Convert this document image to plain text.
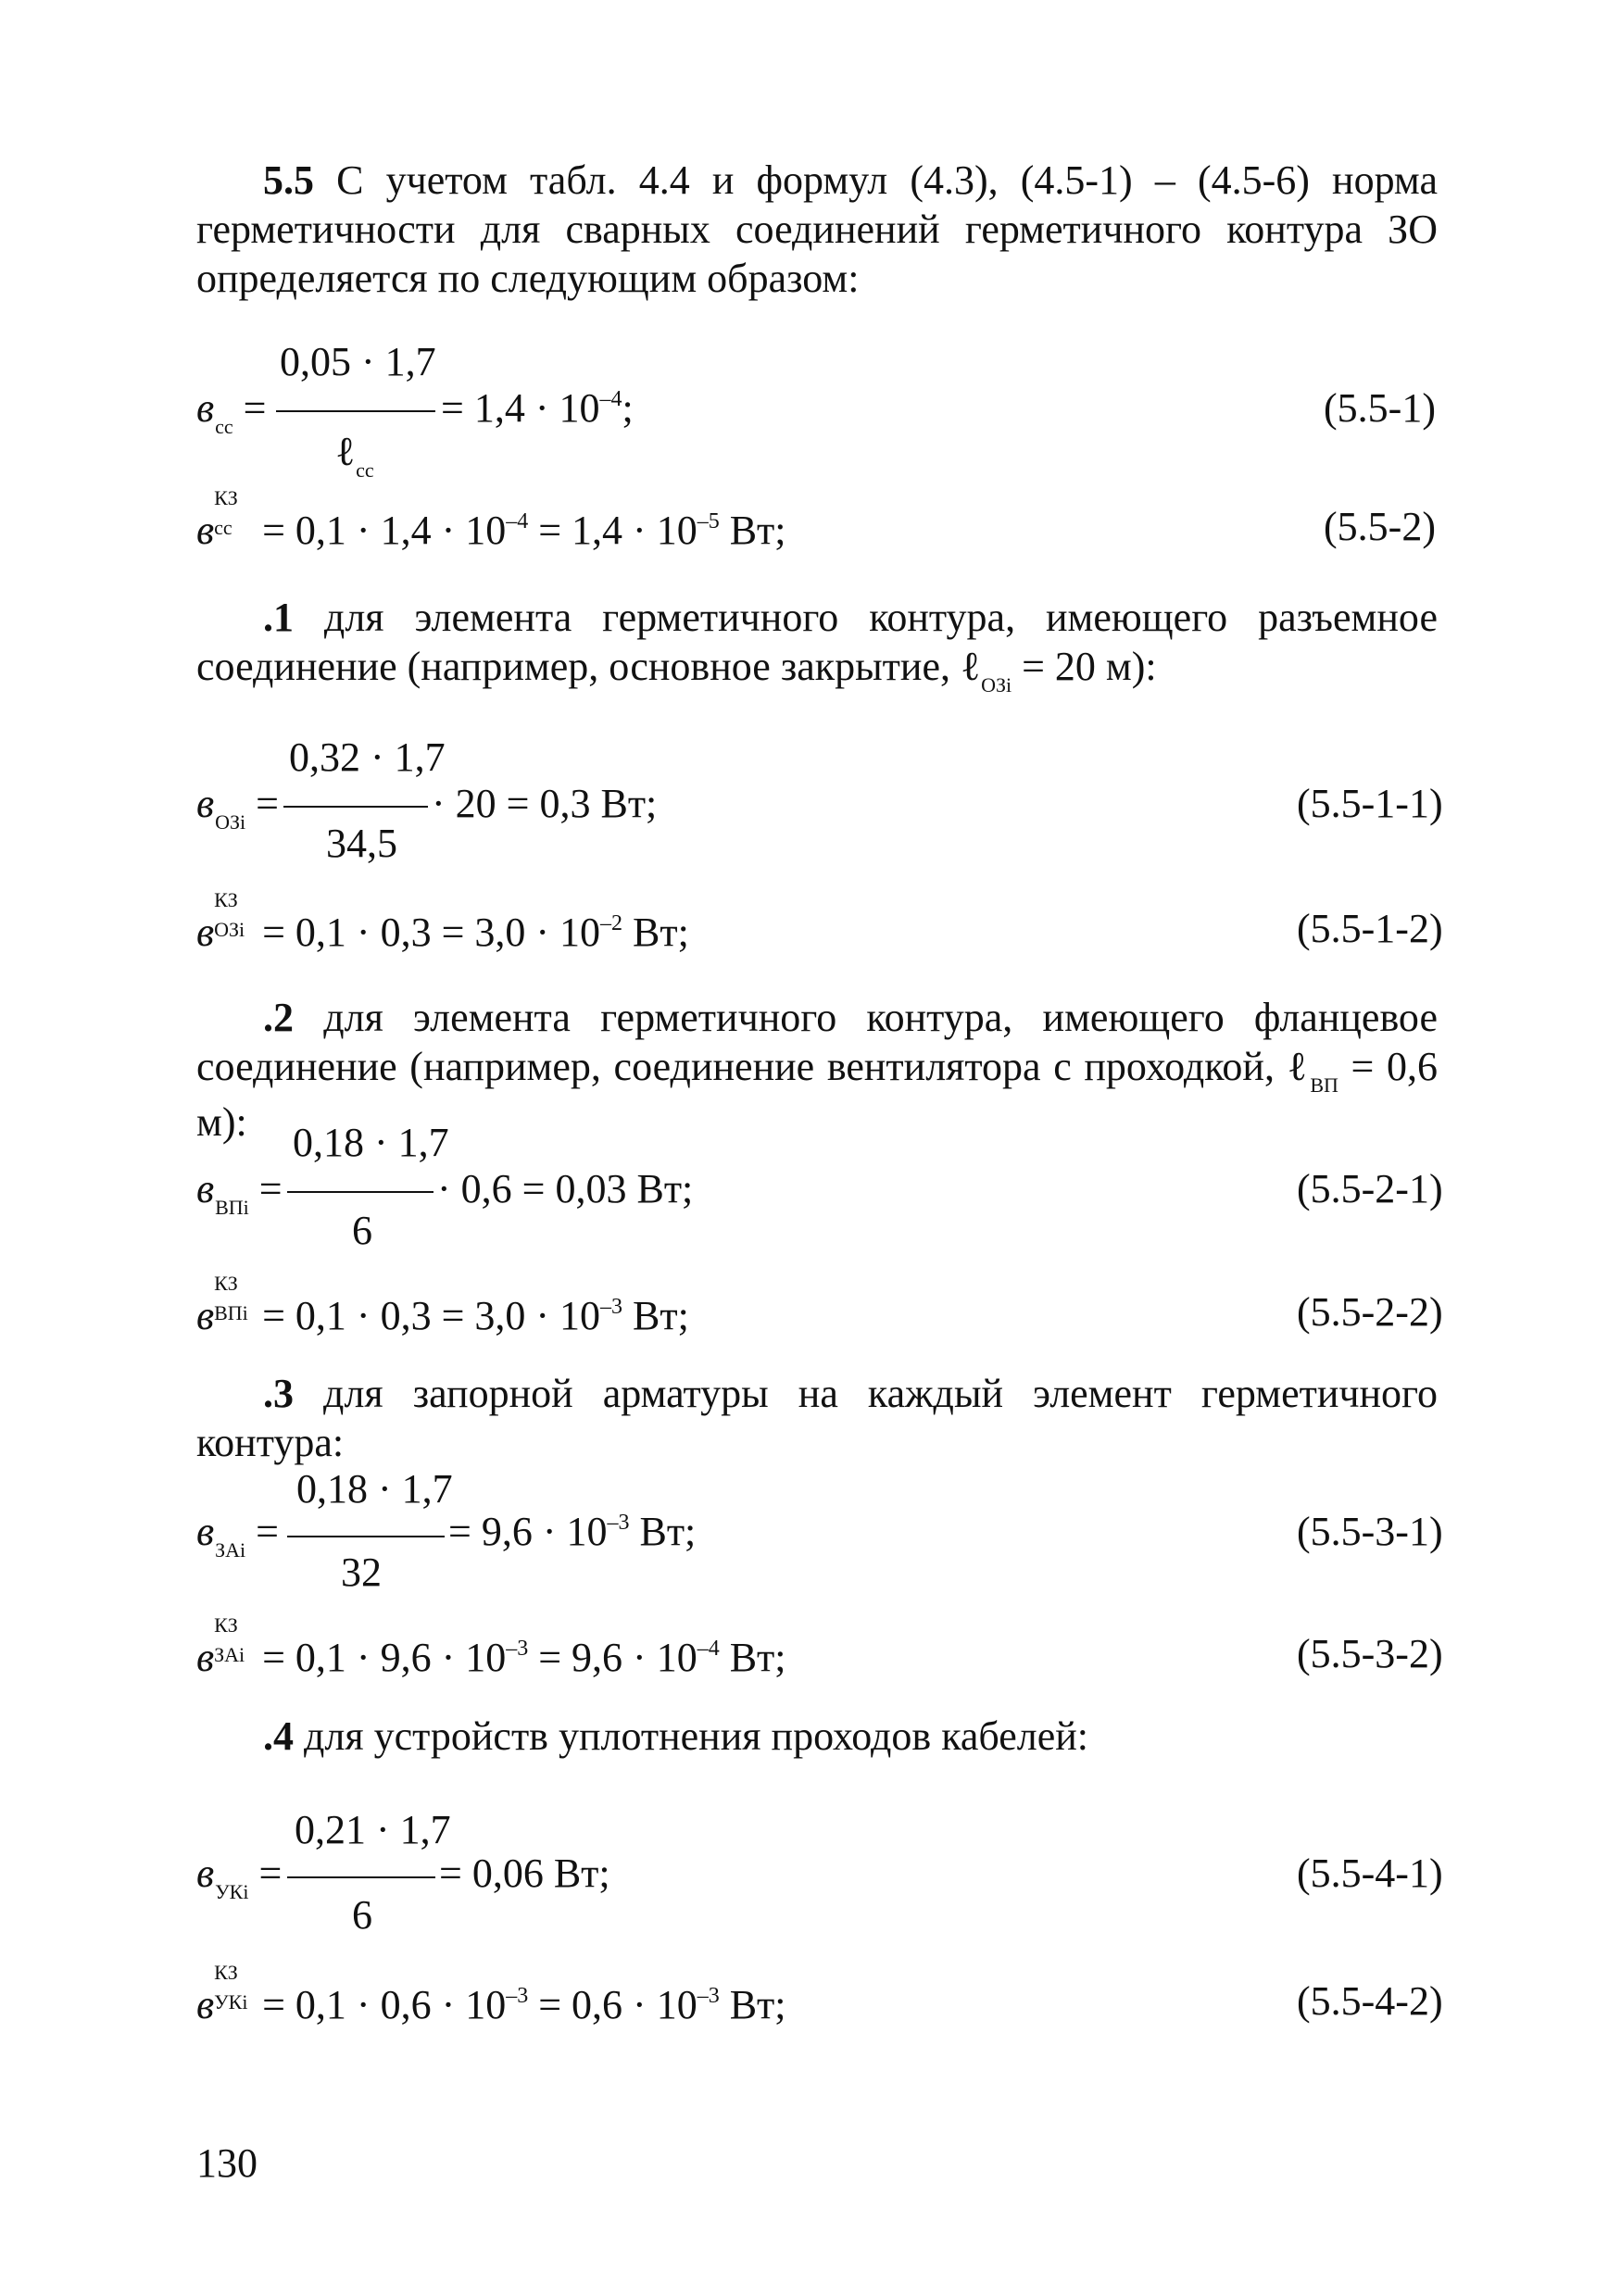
5.5 С учетом табл. 4.4 и формул (4.3), (4.5-1) – (4.5-6) норма герметичности для сварных соединений герметичного контура ЗО определяется по следующим образом:

0,05 · 1,7
ℓ$_{сс}$
$в_{сс}$ =	= $1,4 \cdot 10^{-4}$;	(5.5-1)
в
КЗ
сс = $0,1 \cdot 1,4 \cdot 10^{-4} = 1,4 \cdot 10^{-5}$ Вт;	(5.5-2)

.1 для элемента герметичного контура, имеющего разъемное соединение (например, основное закрытие, ℓ$_{ОЗi}$ = 20 м):

0,32 · 1,7
34,5
$в_{ОЗi}$ =	· 20 = 0,3 Вт;	(5.5-1-1)
в
КЗ
ОЗi = $0,1 \cdot 0,3 = 3,0 \cdot 10^{-2}$ Вт;	(5.5-1-2)

.2 для элемента герметичного контура, имеющего фланцевое соединение (например, соединение вентилятора с проходкой, ℓ$_{ВП}$ = 0,6 м):	0,18 · 1,7
6
$в_{ВПi}$ =	· 0,6 = 0,03 Вт;	(5.5-2-1)
в
КЗ
ВПi = $0,1 \cdot 0,3 = 3,0 \cdot 10^{-3}$ Вт;	(5.5-2-2)

.3 для запорной арматуры на каждый элемент герметичного контура:

0,18 · 1,7
32
$в_{ЗАi}$ =	= $9,6 \cdot 10^{-3}$ Вт;	(5.5-3-1)
в
КЗ
ЗАi = $0,1 \cdot 9,6 \cdot 10^{-3} = 9,6 \cdot 10^{-4}$ Вт;	(5.5-3-2)

.4 для устройств уплотнения проходов кабелей:

0,21 · 1,7
6
$в_{УКi}$ =	= 0,06 Вт;	(5.5-4-1)
в
КЗ
УКi = $0,1 \cdot 0,6 \cdot 10^{-3} = 0,6 \cdot 10^{-3}$ Вт;	(5.5-4-2)
130
